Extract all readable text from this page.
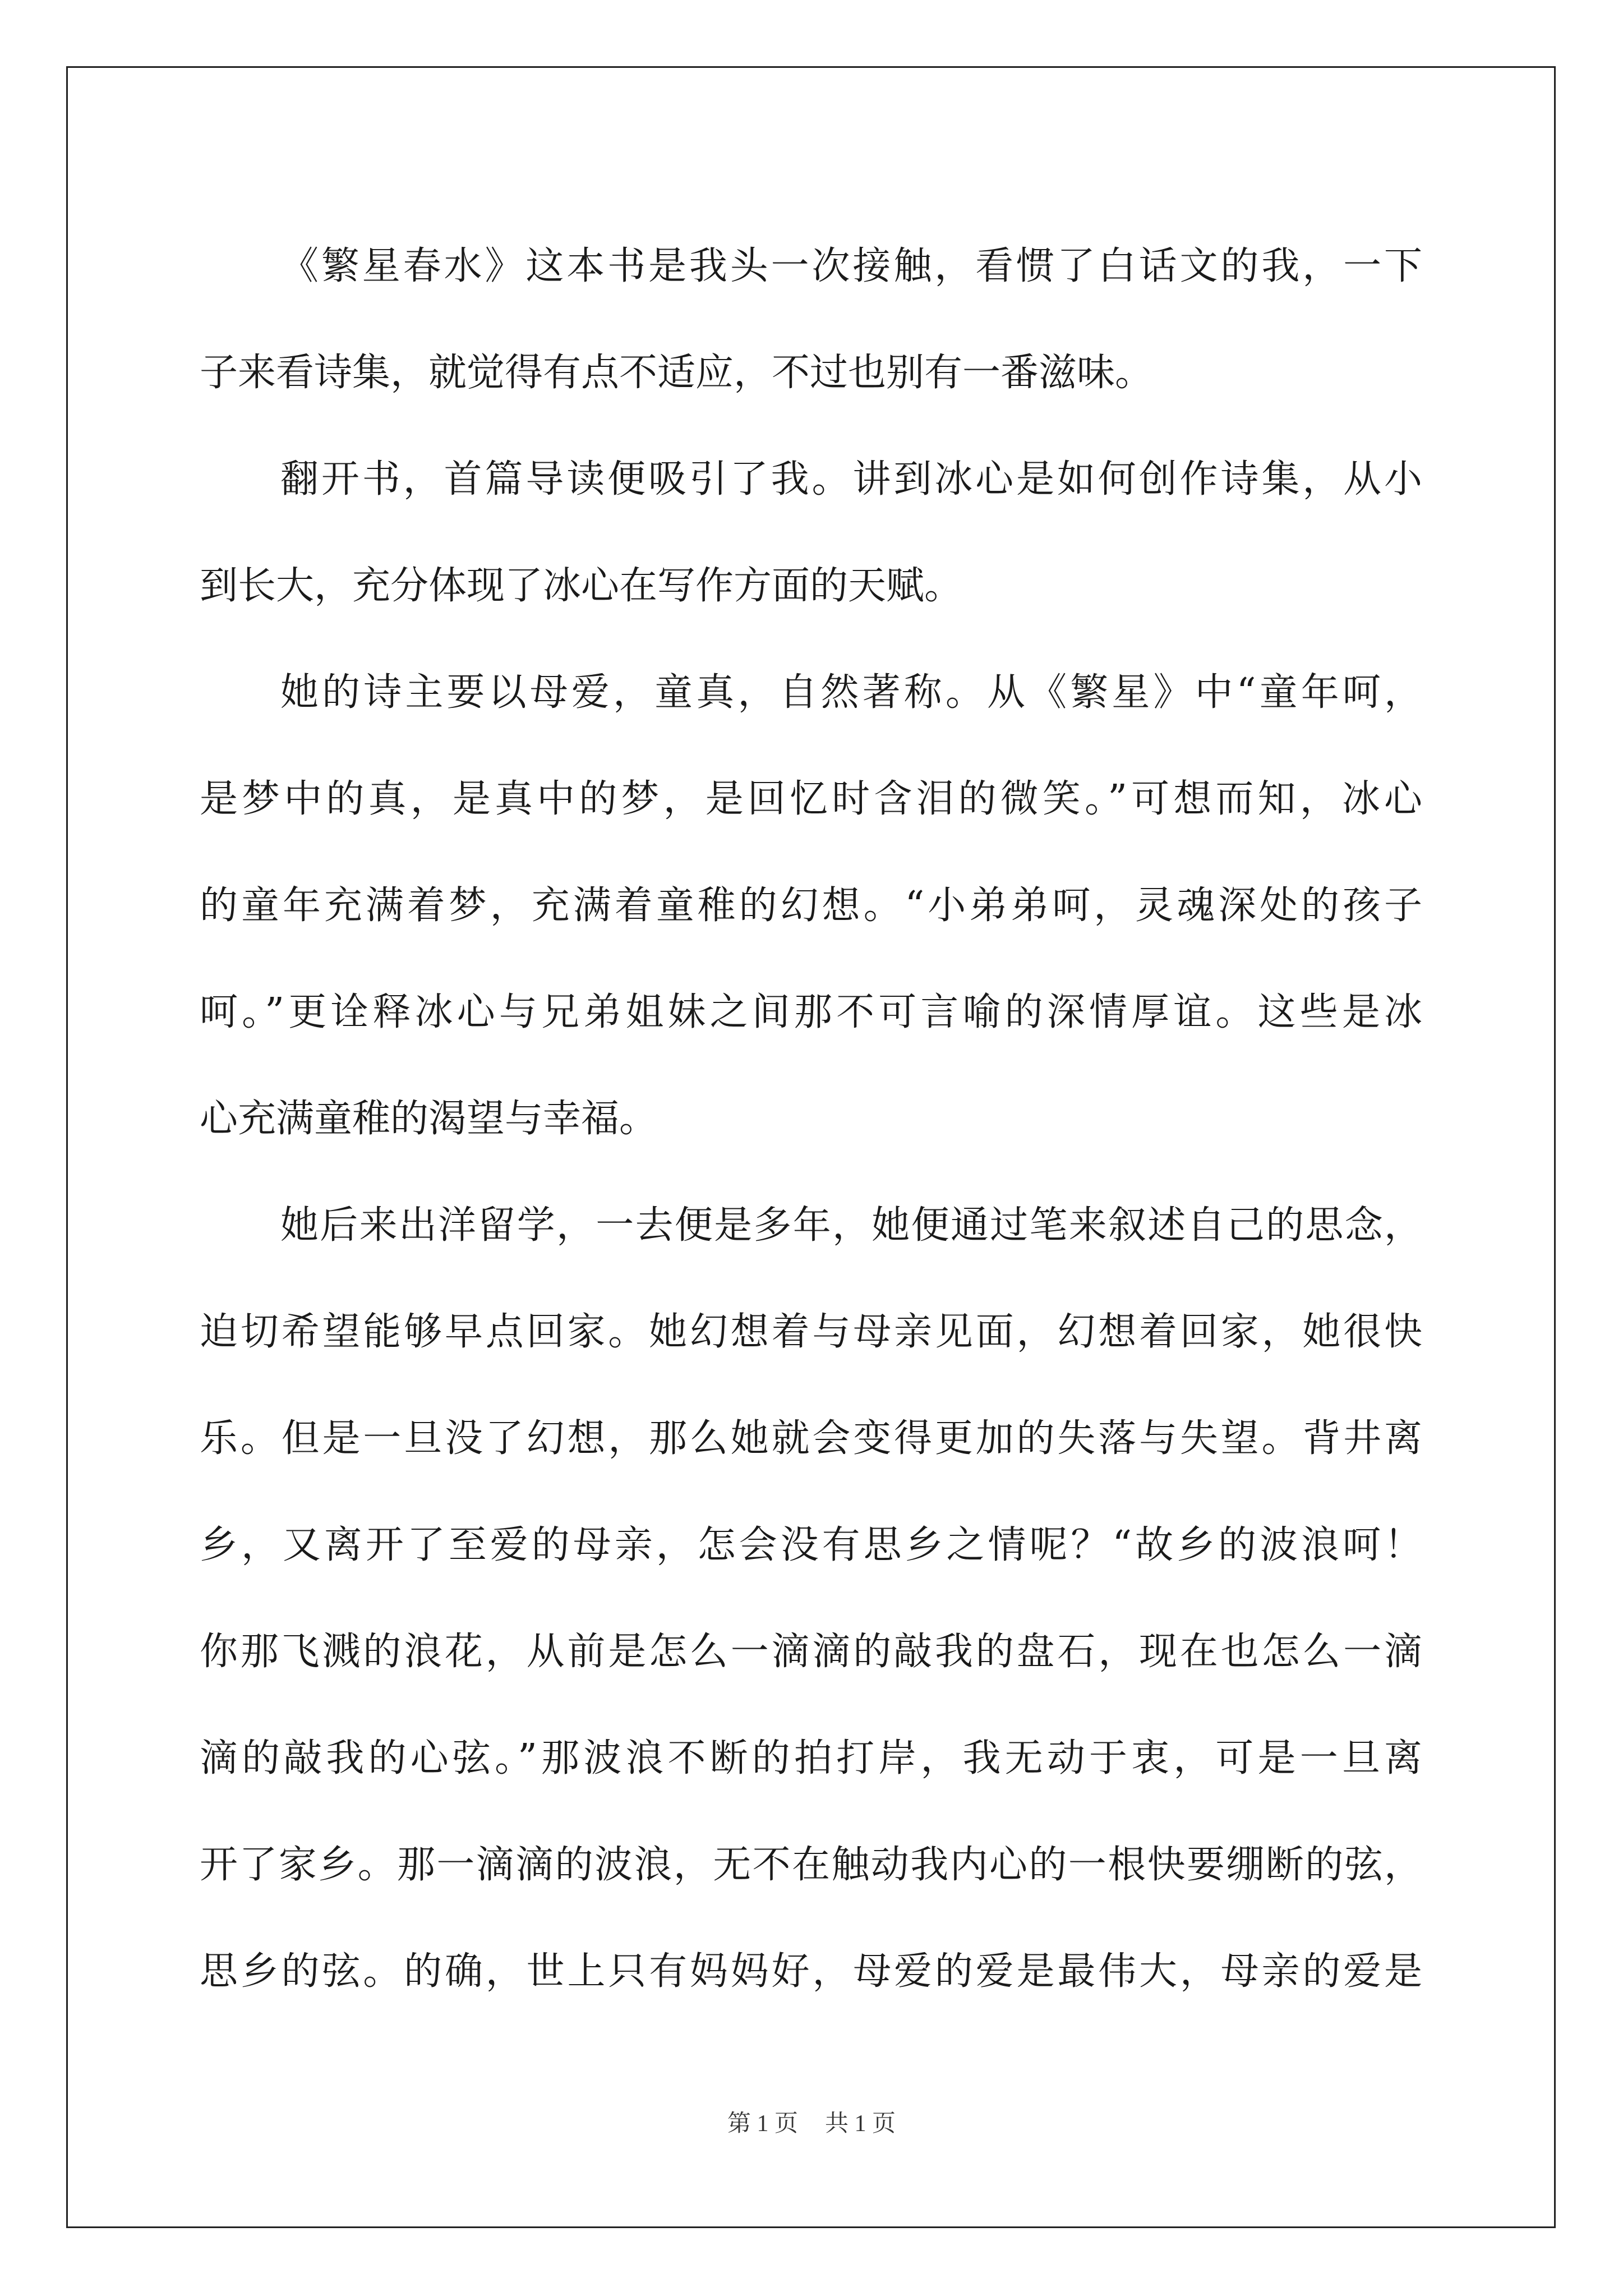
《繁星春水》这本书是我头一次接触，看惯了白话文的我，一下
子来看诗集，就觉得有点不适应，不过也别有一番滋味。
翻开书，首篇导读便吸引了我。讲到冰心是如何创作诗集，从小
到长大，充分体现了冰心在写作方面的天赋。
她的诗主要以母爱，童真，自然著称。从《繁星》中“童年呵，
是梦中的真，是真中的梦，是回忆时含泪的微笑。”可想而知，冰心
的童年充满着梦，充满着童稚的幻想。“小弟弟呵，灵魂深处的孩子
呵。”更诠释冰心与兄弟姐妹之间那不可言喻的深情厚谊。这些是冰
心充满童稚的渴望与幸福。
她后来出洋留学，一去便是多年，她便通过笔来叙述自己的思念，
迫切希望能够早点回家。她幻想着与母亲见面，幻想着回家，她很快
乐。但是一旦没了幻想，那么她就会变得更加的失落与失望。背井离
乡，又离开了至爱的母亲，怎会没有思乡之情呢？“故乡的波浪呵！
你那飞溅的浪花，从前是怎么一滴滴的敲我的盘石，现在也怎么一滴
滴的敲我的心弦。”那波浪不断的拍打岸，我无动于衷，可是一旦离
开了家乡。那一滴滴的波浪，无不在触动我内心的一根快要绷断的弦，
思乡的弦。的确，世上只有妈妈好，母爱的爱是最伟大，母亲的爱是
第 1 页 共 1 页
